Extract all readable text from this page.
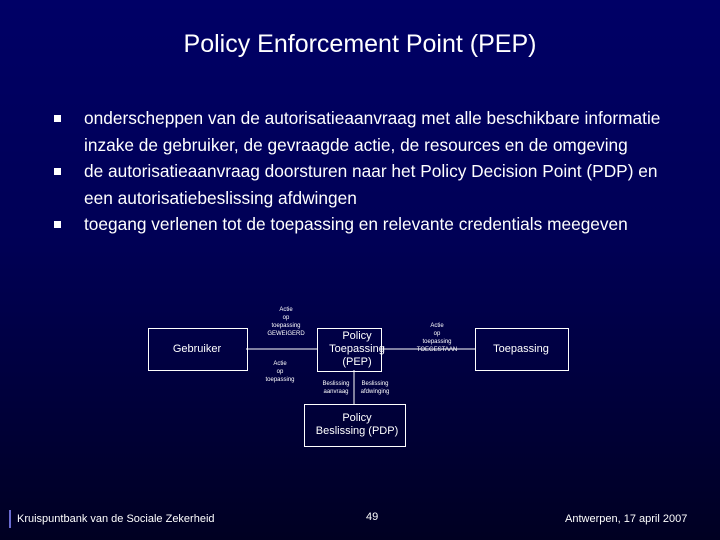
Policy Enforcement Point (PEP)
onderscheppen van de autorisatieaanvraag met alle beschikbare informatie inzake de gebruiker, de gevraagde actie, de resources en de omgeving
de autorisatieaanvraag doorsturen naar het Policy Decision Point (PDP) en een autorisatiebeslissing afdwingen
toegang verlenen tot de toepassing en relevante credentials meegeven
Gebruiker
Policy
Toepassing
(PEP)
Toepassing
Policy
Beslissing (PDP)
Actie
op
toepassing
GEWEIGERD
Actie
op
toepassing
Actie
op
toepassing
TOEGESTAAN
Beslissing
aanvraag
Beslissing
afdwinging
Kruispuntbank van de Sociale Zekerheid	49	Antwerpen, 17 april 2007
